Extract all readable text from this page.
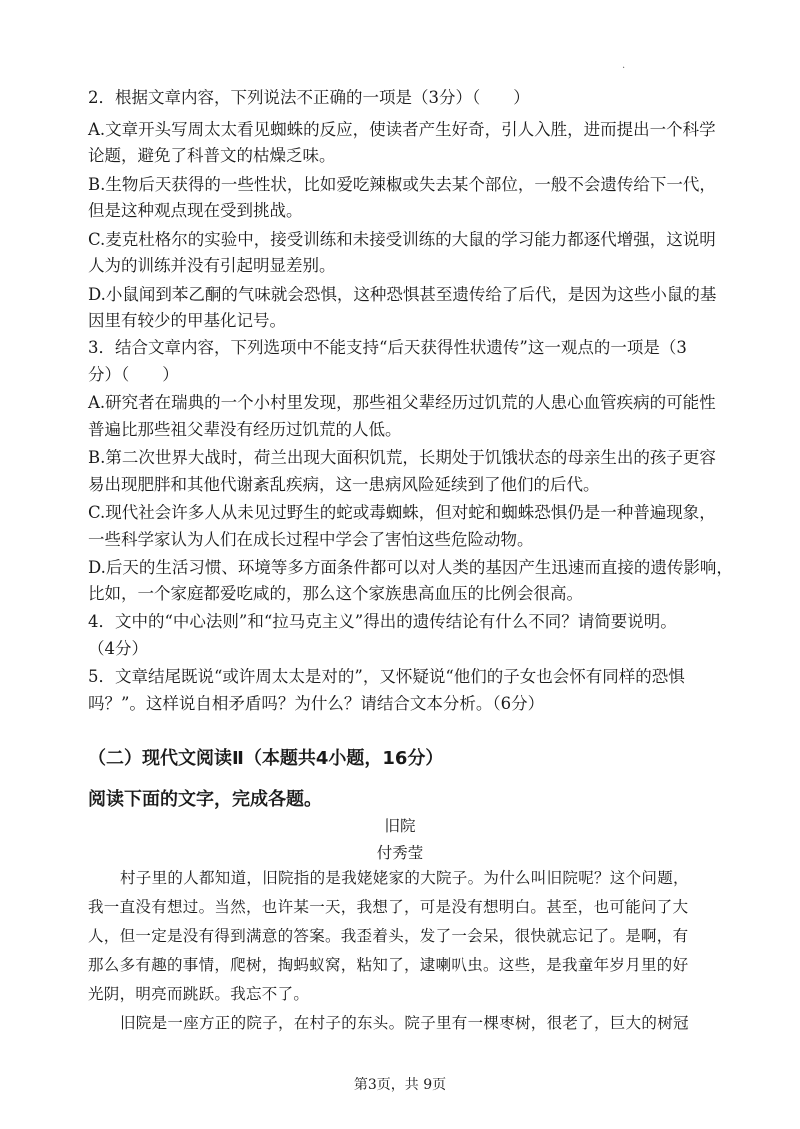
.
2．根据文章内容，下列说法不正确的一项是（3分）（　　）
A.文章开头写周太太看见蜘蛛的反应，使读者产生好奇，引人入胜，进而提出一个科学
论题，避免了科普文的枯燥乏味。
B.生物后天获得的一些性状，比如爱吃辣椒或失去某个部位，一般不会遗传给下一代，
但是这种观点现在受到挑战。
C.麦克杜格尔的实验中，接受训练和未接受训练的大鼠的学习能力都逐代增强，这说明
人为的训练并没有引起明显差别。
D.小鼠闻到苯乙酮的气味就会恐惧，这种恐惧甚至遗传给了后代，是因为这些小鼠的基
因里有较少的甲基化记号。
3．结合文章内容，下列选项中不能支持“后天获得性状遗传”这一观点的一项是（3
分）（　　）
A.研究者在瑞典的一个小村里发现，那些祖父辈经历过饥荒的人患心血管疾病的可能性
普遍比那些祖父辈没有经历过饥荒的人低。
B.第二次世界大战时，荷兰出现大面积饥荒，长期处于饥饿状态的母亲生出的孩子更容
易出现肥胖和其他代谢紊乱疾病，这一患病风险延续到了他们的后代。
C.现代社会许多人从未见过野生的蛇或毒蜘蛛，但对蛇和蜘蛛恐惧仍是一种普遍现象，
一些科学家认为人们在成长过程中学会了害怕这些危险动物。
D.后天的生活习惯、环境等多方面条件都可以对人类的基因产生迅速而直接的遗传影响，
比如，一个家庭都爱吃咸的，那么这个家族患高血压的比例会很高。
4．文中的“中心法则”和“拉马克主义”得出的遗传结论有什么不同？请简要说明。
（4分）
5．文章结尾既说“或许周太太是对的”，又怀疑说“他们的子女也会怀有同样的恐惧
吗？”。这样说自相矛盾吗？为什么？请结合文本分析。（6分）
（二）现代文阅读Ⅱ（本题共4小题，16分）
阅读下面的文字，完成各题。
旧院
付秀莹
村子里的人都知道，旧院指的是我姥姥家的大院子。为什么叫旧院呢？这个问题，
我一直没有想过。当然，也许某一天，我想了，可是没有想明白。甚至，也可能问了大
人，但一定是没有得到满意的答案。我歪着头，发了一会呆，很快就忘记了。是啊，有
那么多有趣的事情，爬树，掏蚂蚁窝，粘知了，逮喇叭虫。这些，是我童年岁月里的好
光阴，明亮而跳跃。我忘不了。
旧院是一座方正的院子，在村子的东头。院子里有一棵枣树，很老了，巨大的树冠
第3页，共 9页
